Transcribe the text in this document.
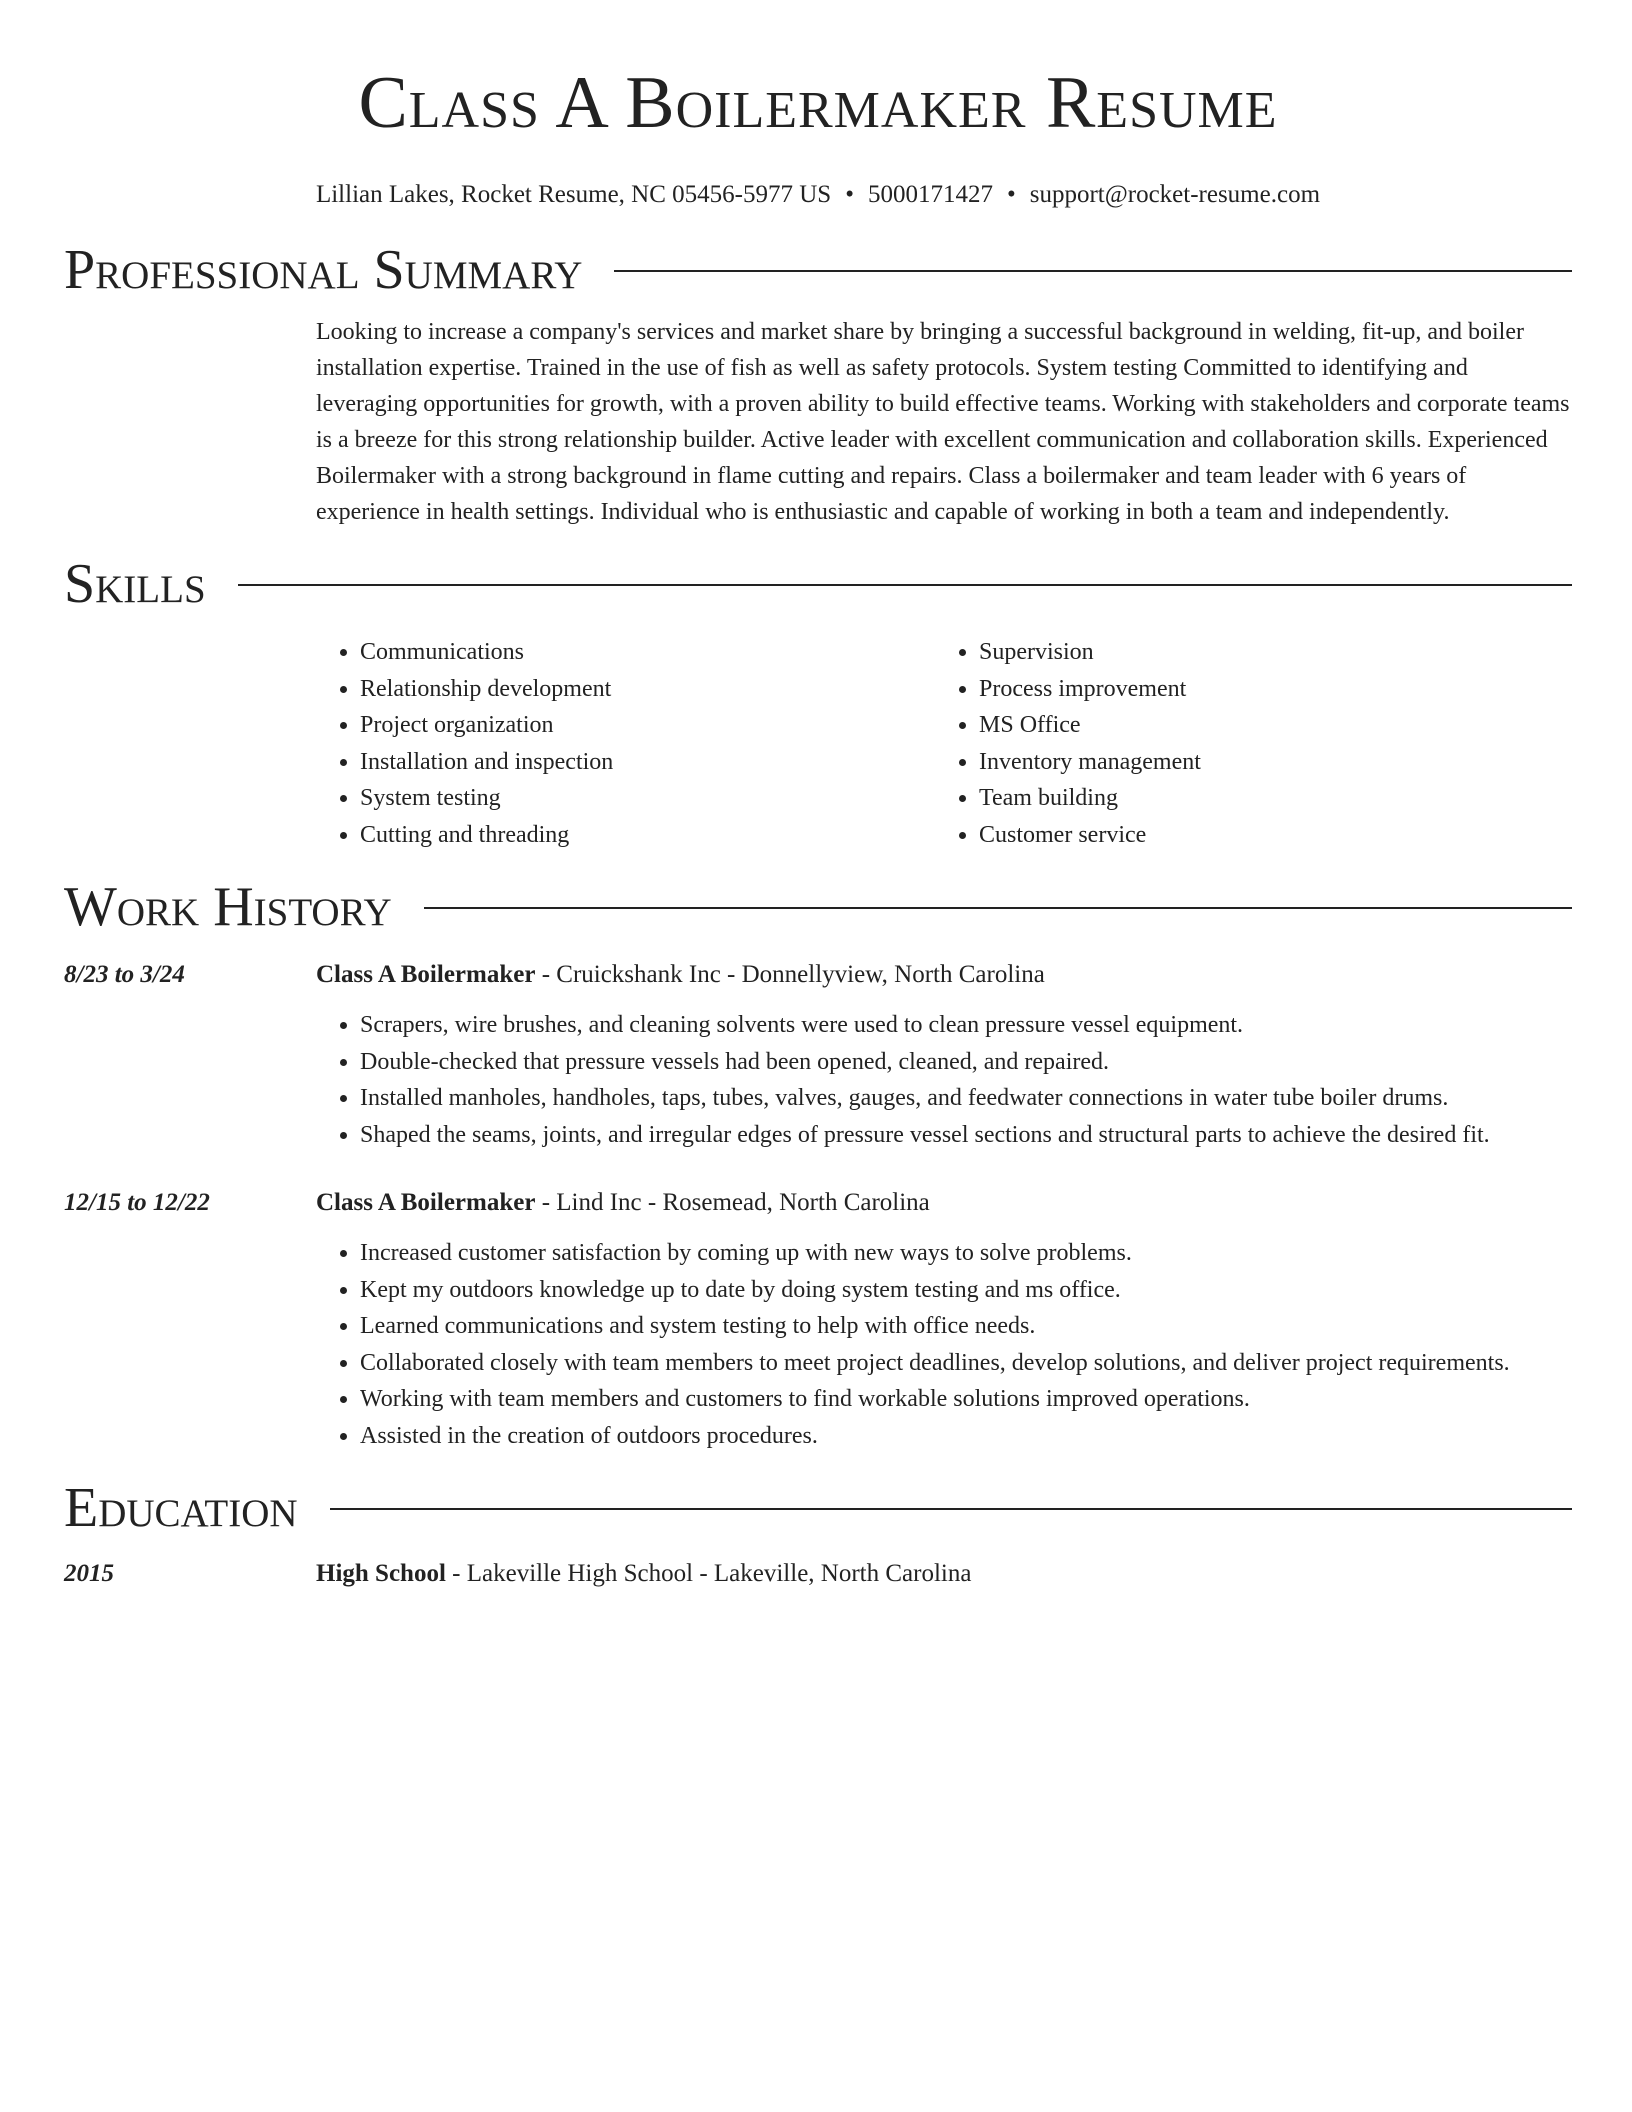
Class A Boilermaker Resume
Lillian Lakes, Rocket Resume, NC 05456-5977 US • 5000171427 • support@rocket-resume.com
Professional Summary

Looking to increase a company's services and market share by bringing a successful background in welding, fit-up, and boiler installation expertise. Trained in the use of fish as well as safety protocols. System testing Committed to identifying and leveraging opportunities for growth, with a proven ability to build effective teams. Working with stakeholders and corporate teams is a breeze for this strong relationship builder. Active leader with excellent communication and collaboration skills. Experienced Boilermaker with a strong background in flame cutting and repairs. Class a boilermaker and team leader with 6 years of experience in health settings. Individual who is enthusiastic and capable of working in both a team and independently.

Skills
• Communications
• Relationship development
• Project organization
• Installation and inspection
• System testing
• Cutting and threading
• Supervision
• Process improvement
• MS Office
• Inventory management
• Team building
• Customer service
Work History
8/23 to 3/24	Class A Boilermaker - Cruickshank Inc - Donnellyview, North Carolina
• Scrapers, wire brushes, and cleaning solvents were used to clean pressure vessel equipment.
• Double-checked that pressure vessels had been opened, cleaned, and repaired.
• Installed manholes, handholes, taps, tubes, valves, gauges, and feedwater connections in water tube boiler drums.
• Shaped the seams, joints, and irregular edges of pressure vessel sections and structural parts to achieve the desired fit.
12/15 to 12/22	Class A Boilermaker - Lind Inc - Rosemead, North Carolina
• Increased customer satisfaction by coming up with new ways to solve problems.
• Kept my outdoors knowledge up to date by doing system testing and ms office.
• Learned communications and system testing to help with office needs.
• Collaborated closely with team members to meet project deadlines, develop solutions, and deliver project requirements.
• Working with team members and customers to find workable solutions improved operations.
• Assisted in the creation of outdoors procedures.
Education
2015	High School - Lakeville High School - Lakeville, North Carolina
